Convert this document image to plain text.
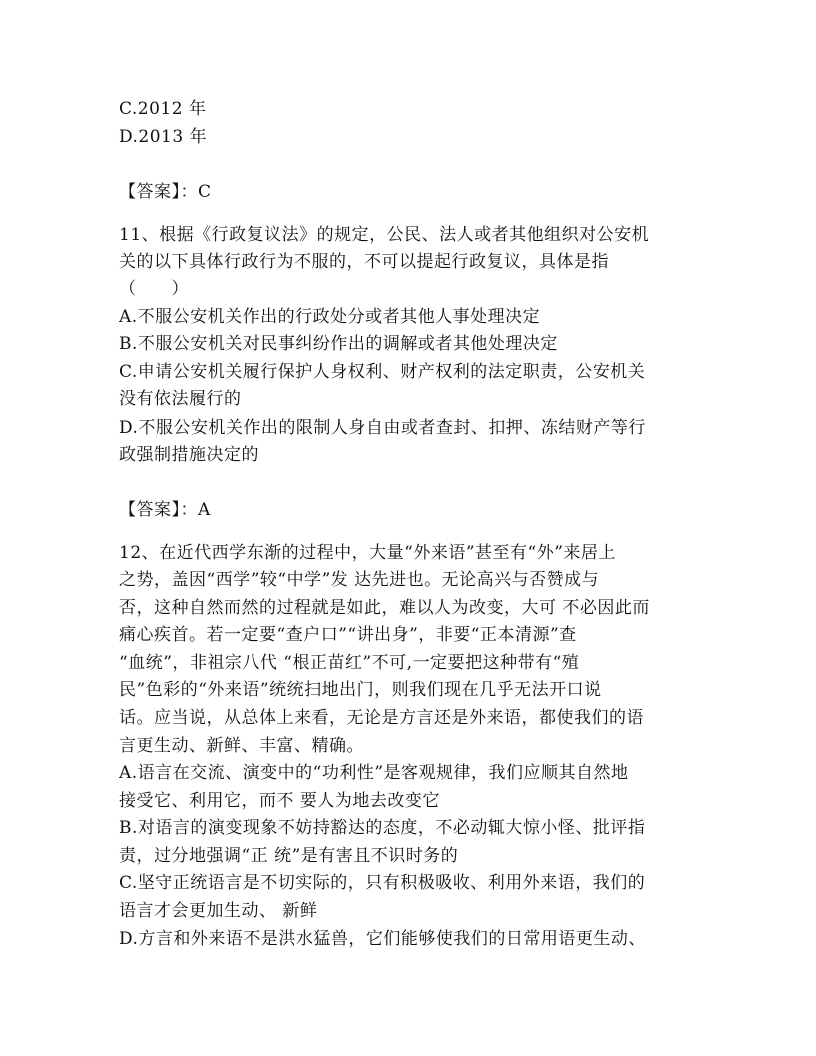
C.2012 年
D.2013 年
【答案】：C
11、根据《行政复议法》的规定，公民、法人或者其他组织对公安机
关的以下具体行政行为不服的，不可以提起行政复议，具体是指
（　　）
A.不服公安机关作出的行政处分或者其他人事处理决定
B.不服公安机关对民事纠纷作出的调解或者其他处理决定
C.申请公安机关履行保护人身权利、财产权利的法定职责，公安机关
没有依法履行的
D.不服公安机关作出的限制人身自由或者查封、扣押、冻结财产等行
政强制措施决定的
【答案】：A
12、在近代西学东渐的过程中，大量“外来语”甚至有“外”来居上
之势，盖因“西学”较“中学”发 达先进也。无论高兴与否赞成与
否，这种自然而然的过程就是如此，难以人为改变，大可 不必因此而
痛心疾首。若一定要“查户口”“讲出身”，非要“正本清源”查
“血统”，非祖宗八代 “根正苗红”不可,一定要把这种带有“殖
民”色彩的“外来语”统统扫地出门，则我们现在几乎无法开口说
话。应当说，从总体上来看，无论是方言还是外来语，都使我们的语
言更生动、新鲜、丰富、精确。
A.语言在交流、演变中的“功利性”是客观规律，我们应顺其自然地
接受它、利用它，而不 要人为地去改变它
B.对语言的演变现象不妨持豁达的态度，不必动辄大惊小怪、批评指
责，过分地强调“正 统”是有害且不识时务的
C.坚守正统语言是不切实际的，只有积极吸收、利用外来语，我们的
语言才会更加生动、 新鲜
D.方言和外来语不是洪水猛兽，它们能够使我们的日常用语更生动、
